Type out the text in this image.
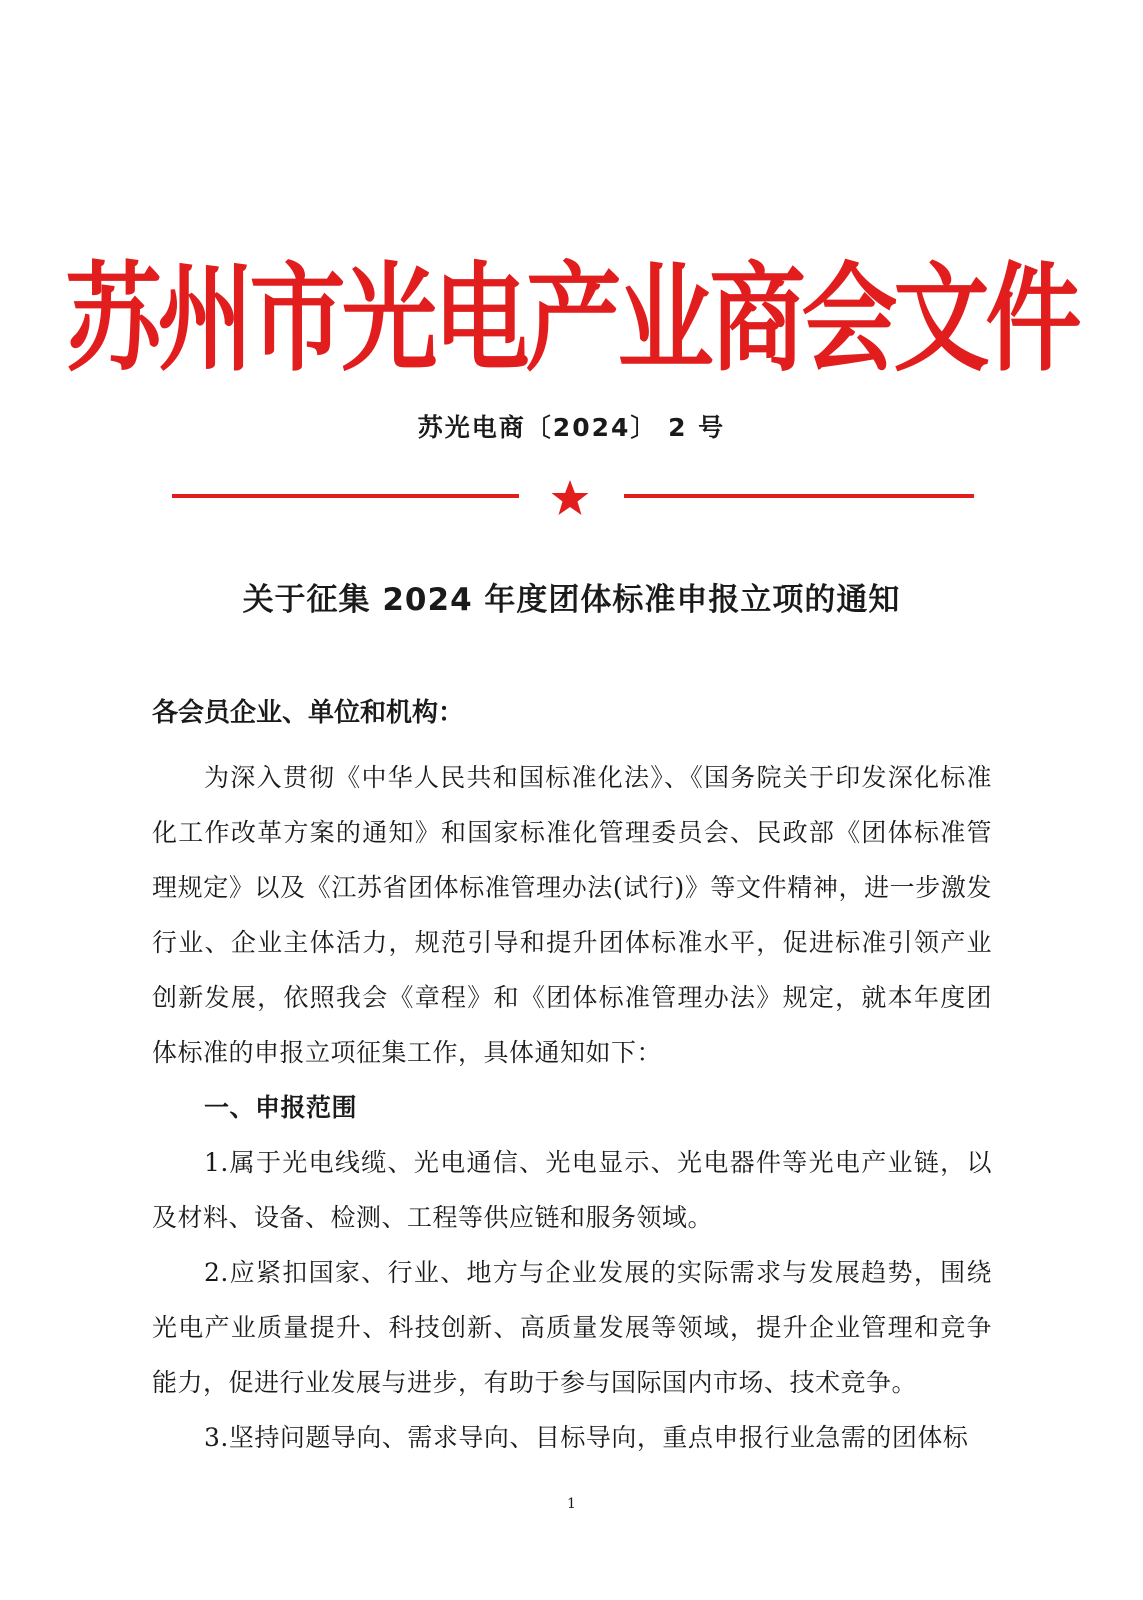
苏州市光电产业商会文件
苏光电商〔2024〕 2 号
关于征集 2024 年度团体标准申报立项的通知
各会员企业、单位和机构：

为深入贯彻《中华人民共和国标准化法》、《国务院关于印发深化标准化工作改革方案的通知》和国家标准化管理委员会、民政部《团体标准管理规定》以及《江苏省团体标准管理办法(试行)》等文件精神，进一步激发行业、企业主体活力，规范引导和提升团体标准水平，促进标准引领产业创新发展，依照我会《章程》和《团体标准管理办法》规定，就本年度团体标准的申报立项征集工作，具体通知如下：

一、申报范围

1.属于光电线缆、光电通信、光电显示、光电器件等光电产业链，以及材料、设备、检测、工程等供应链和服务领域。

2.应紧扣国家、行业、地方与企业发展的实际需求与发展趋势，围绕光电产业质量提升、科技创新、高质量发展等领域，提升企业管理和竞争能力，促进行业发展与进步，有助于参与国际国内市场、技术竞争。

3.坚持问题导向、需求导向、目标导向，重点申报行业急需的团体标

1
